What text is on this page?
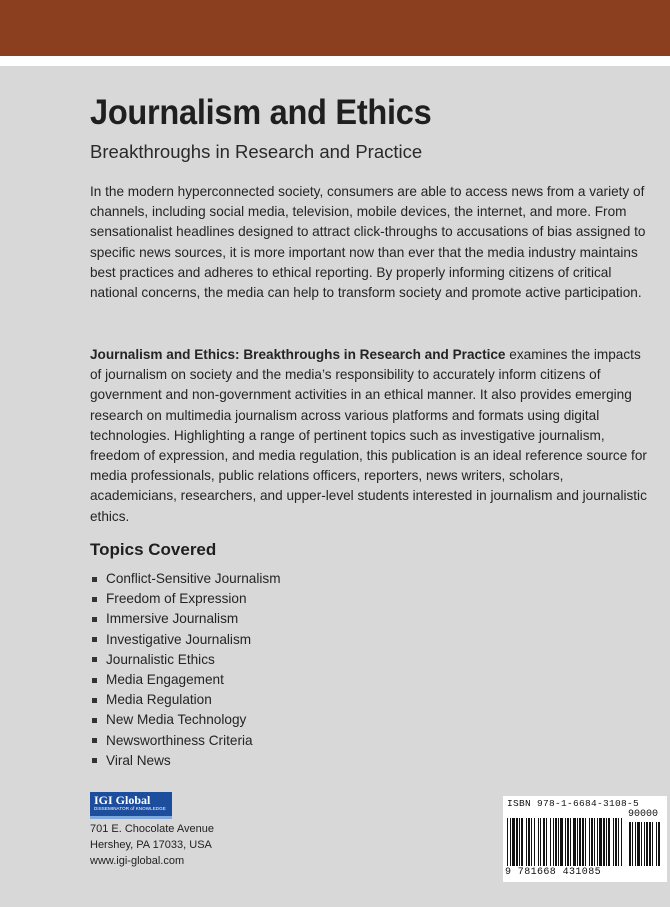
Journalism and Ethics

Breakthroughs in Research and Practice

In the modern hyperconnected society, consumers are able to access news from a variety of channels, including social media, television, mobile devices, the internet, and more. From sensationalist headlines designed to attract click-throughs to accusations of bias assigned to specific news sources, it is more important now than ever that the media industry maintains best practices and adheres to ethical reporting. By properly informing citizens of critical national concerns, the media can help to transform society and promote active participation.

Journalism and Ethics: Breakthroughs in Research and Practice examines the impacts of journalism on society and the media’s responsibility to accurately inform citizens of government and non-government activities in an ethical manner. It also provides emerging research on multimedia journalism across various platforms and formats using digital technologies. Highlighting a range of pertinent topics such as investigative journalism, freedom of expression, and media regulation, this publication is an ideal reference source for media professionals, public relations officers, reporters, news writers, scholars, academicians, researchers, and upper-level students interested in journalism and journalistic ethics.

Topics Covered
Conflict-Sensitive Journalism
Freedom of Expression
Immersive Journalism
Investigative Journalism
Journalistic Ethics
Media Engagement
Media Regulation
New Media Technology
Newsworthiness Criteria
Viral News
IGI Global
DISSEMINATOR of KNOWLEDGE
701 E. Chocolate Avenue
Hershey, PA 17033, USA
www.igi-global.com
ISBN 978-1-6684-3108-5
90000
9 781668 431085
